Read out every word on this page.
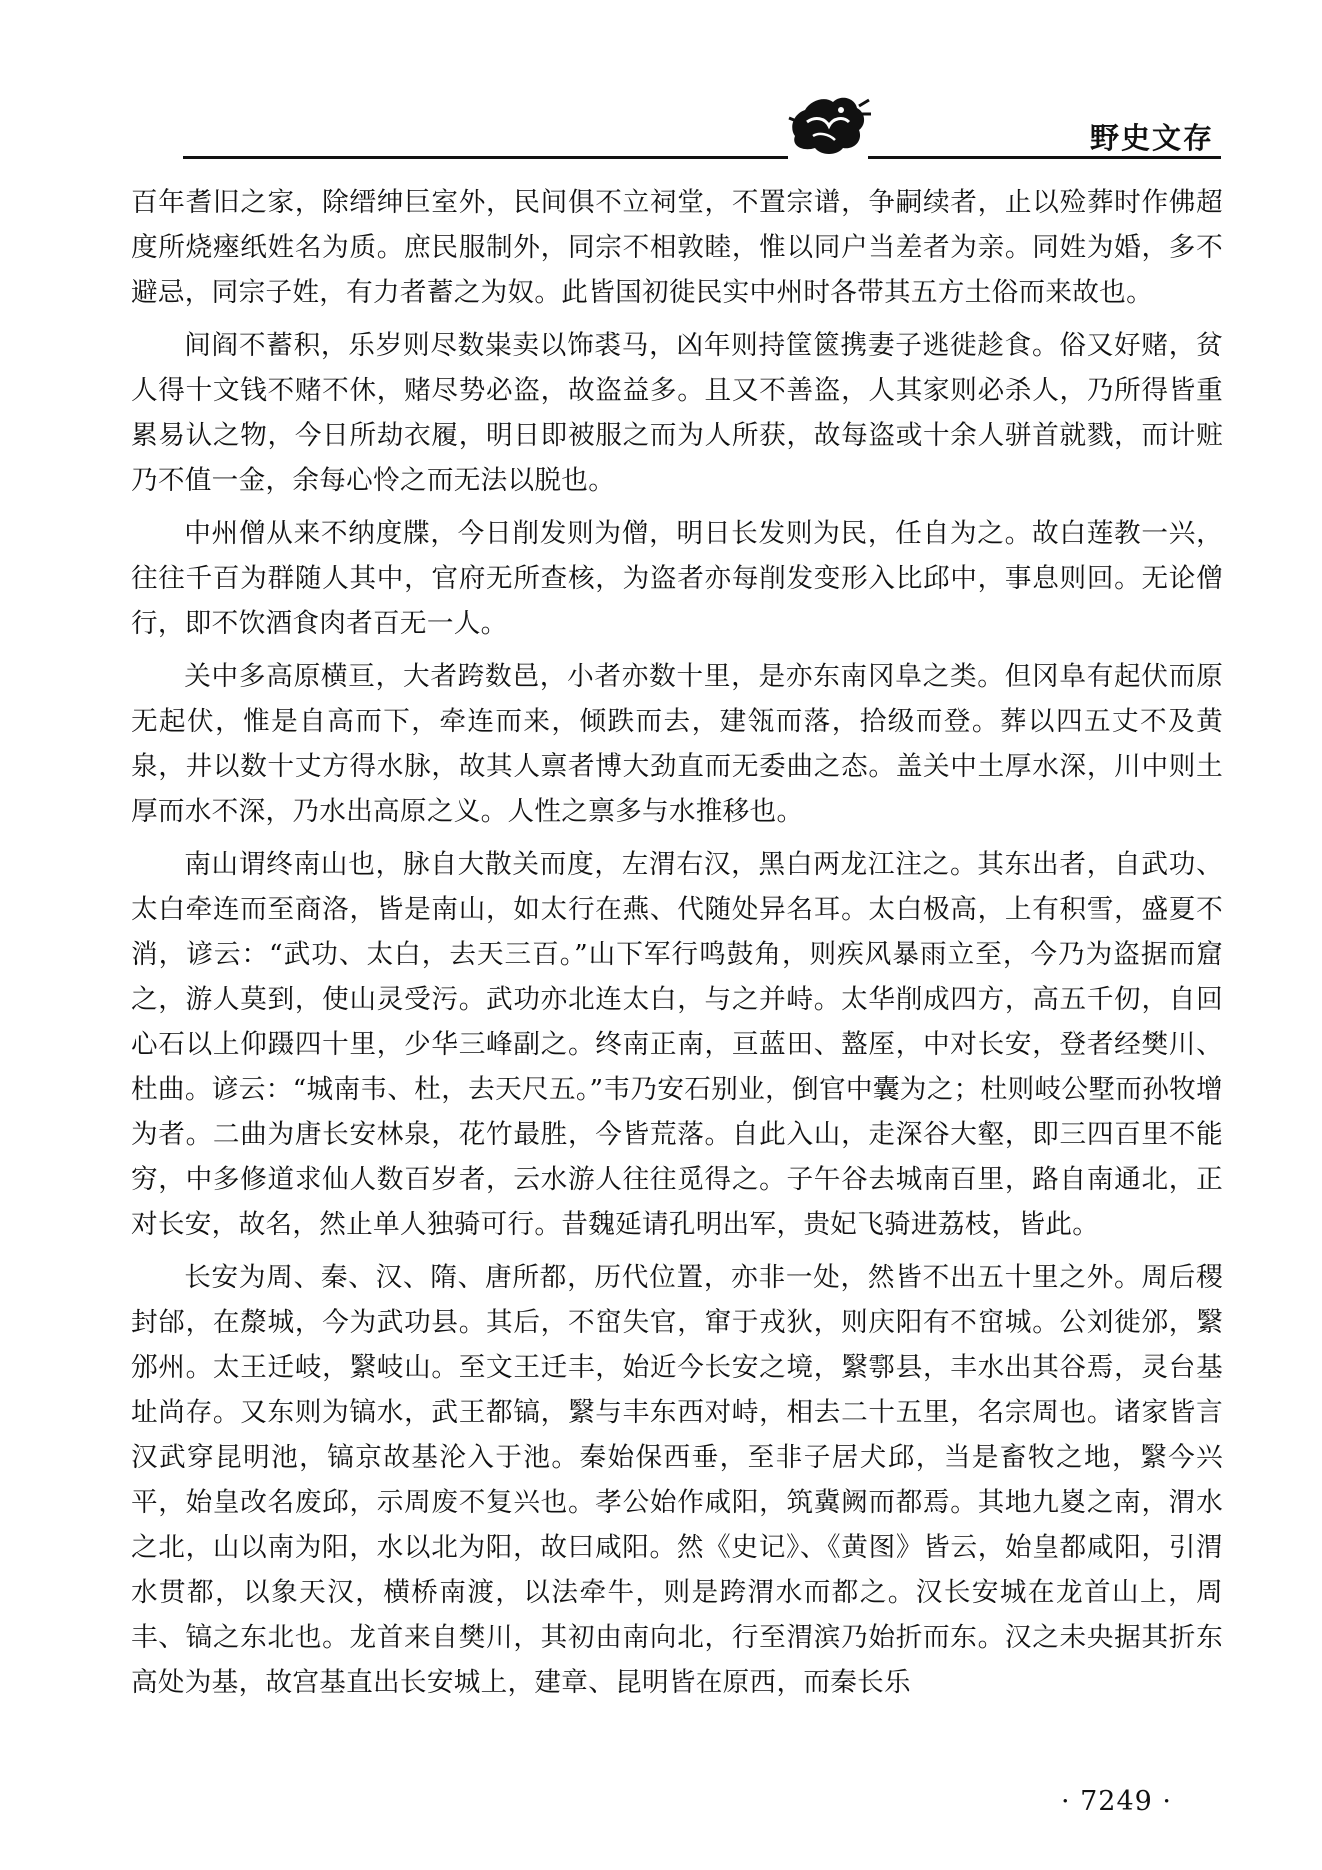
野史文存

百年耆旧之家，除缙绅巨室外，民间俱不立祠堂，不置宗谱，争嗣续者，止以殓葬时作佛超度所烧瘞纸姓名为质。庶民服制外，同宗不相敦睦，惟以同户当差者为亲。同姓为婚，多不避忌，同宗子姓，有力者蓄之为奴。此皆国初徙民实中州时各带其五方土俗而来故也。

间阎不蓄积，乐岁则尽数粜卖以饰裘马，凶年则持筐篋携妻子逃徙趁食。俗又好赌，贫人得十文钱不赌不休，赌尽势必盗，故盗益多。且又不善盗，人其家则必杀人，乃所得皆重累易认之物，今日所劫衣履，明日即被服之而为人所获，故每盗或十余人骈首就戮，而计赃乃不值一金，余每心怜之而无法以脱也。

中州僧从来不纳度牒，今日削发则为僧，明日长发则为民，任自为之。故白莲教一兴，往往千百为群随人其中，官府无所查核，为盗者亦每削发变形入比邱中，事息则回。无论僧行，即不饮酒食肉者百无一人。

关中多高原横亘，大者跨数邑，小者亦数十里，是亦东南冈阜之类。但冈阜有起伏而原无起伏，惟是自高而下，牵连而来，倾跌而去，建瓴而落，拾级而登。葬以四五丈不及黄泉，井以数十丈方得水脉，故其人禀者博大劲直而无委曲之态。盖关中土厚水深，川中则土厚而水不深，乃水出高原之义。人性之禀多与水推移也。

南山谓终南山也，脉自大散关而度，左渭右汉，黑白两龙江注之。其东出者，自武功、太白牵连而至商洛，皆是南山，如太行在燕、代随处异名耳。太白极高，上有积雪，盛夏不消，谚云：“武功、太白，去天三百。”山下军行鸣鼓角，则疾风暴雨立至，今乃为盗据而窟之，游人莫到，使山灵受污。武功亦北连太白，与之并峙。太华削成四方，高五千仞，自回心石以上仰蹑四十里，少华三峰副之。终南正南，亘蓝田、盩厔，中对长安，登者经樊川、杜曲。谚云：“城南韦、杜，去天尺五。”韦乃安石别业，倒官中囊为之；杜则岐公墅而孙牧增为者。二曲为唐长安林泉，花竹最胜，今皆荒落。自此入山，走深谷大壑，即三四百里不能穷，中多修道求仙人数百岁者，云水游人往往觅得之。子午谷去城南百里，路自南通北，正对长安，故名，然止单人独骑可行。昔魏延请孔明出军，贵妃飞骑进荔枝，皆此。

长安为周、秦、汉、隋、唐所都，历代位置，亦非一处，然皆不出五十里之外。周后稷封邰，在漦城，今为武功县。其后，不窋失官，窜于戎狄，则庆阳有不窋城。公刘徙邠，繄邠州。太王迁岐，繄岐山。至文王迁丰，始近今长安之境，繄鄠县，丰水出其谷焉，灵台基址尚存。又东则为镐水，武王都镐，繄与丰东西对峙，相去二十五里，名宗周也。诸家皆言汉武穿昆明池，镐京故基沦入于池。秦始保西垂，至非子居犬邱，当是畜牧之地，繄今兴平，始皇改名废邱，示周废不复兴也。孝公始作咸阳，筑冀阙而都焉。其地九嵏之南，渭水之北，山以南为阳，水以北为阳，故曰咸阳。然《史记》、《黄图》皆云，始皇都咸阳，引渭水贯都，以象天汉，横桥南渡，以法牵牛，则是跨渭水而都之。汉长安城在龙首山上，周丰、镐之东北也。龙首来自樊川，其初由南向北，行至渭滨乃始折而东。汉之未央据其折东高处为基，故宫基直出长安城上，建章、昆明皆在原西，而秦长乐

· 7249 ·
